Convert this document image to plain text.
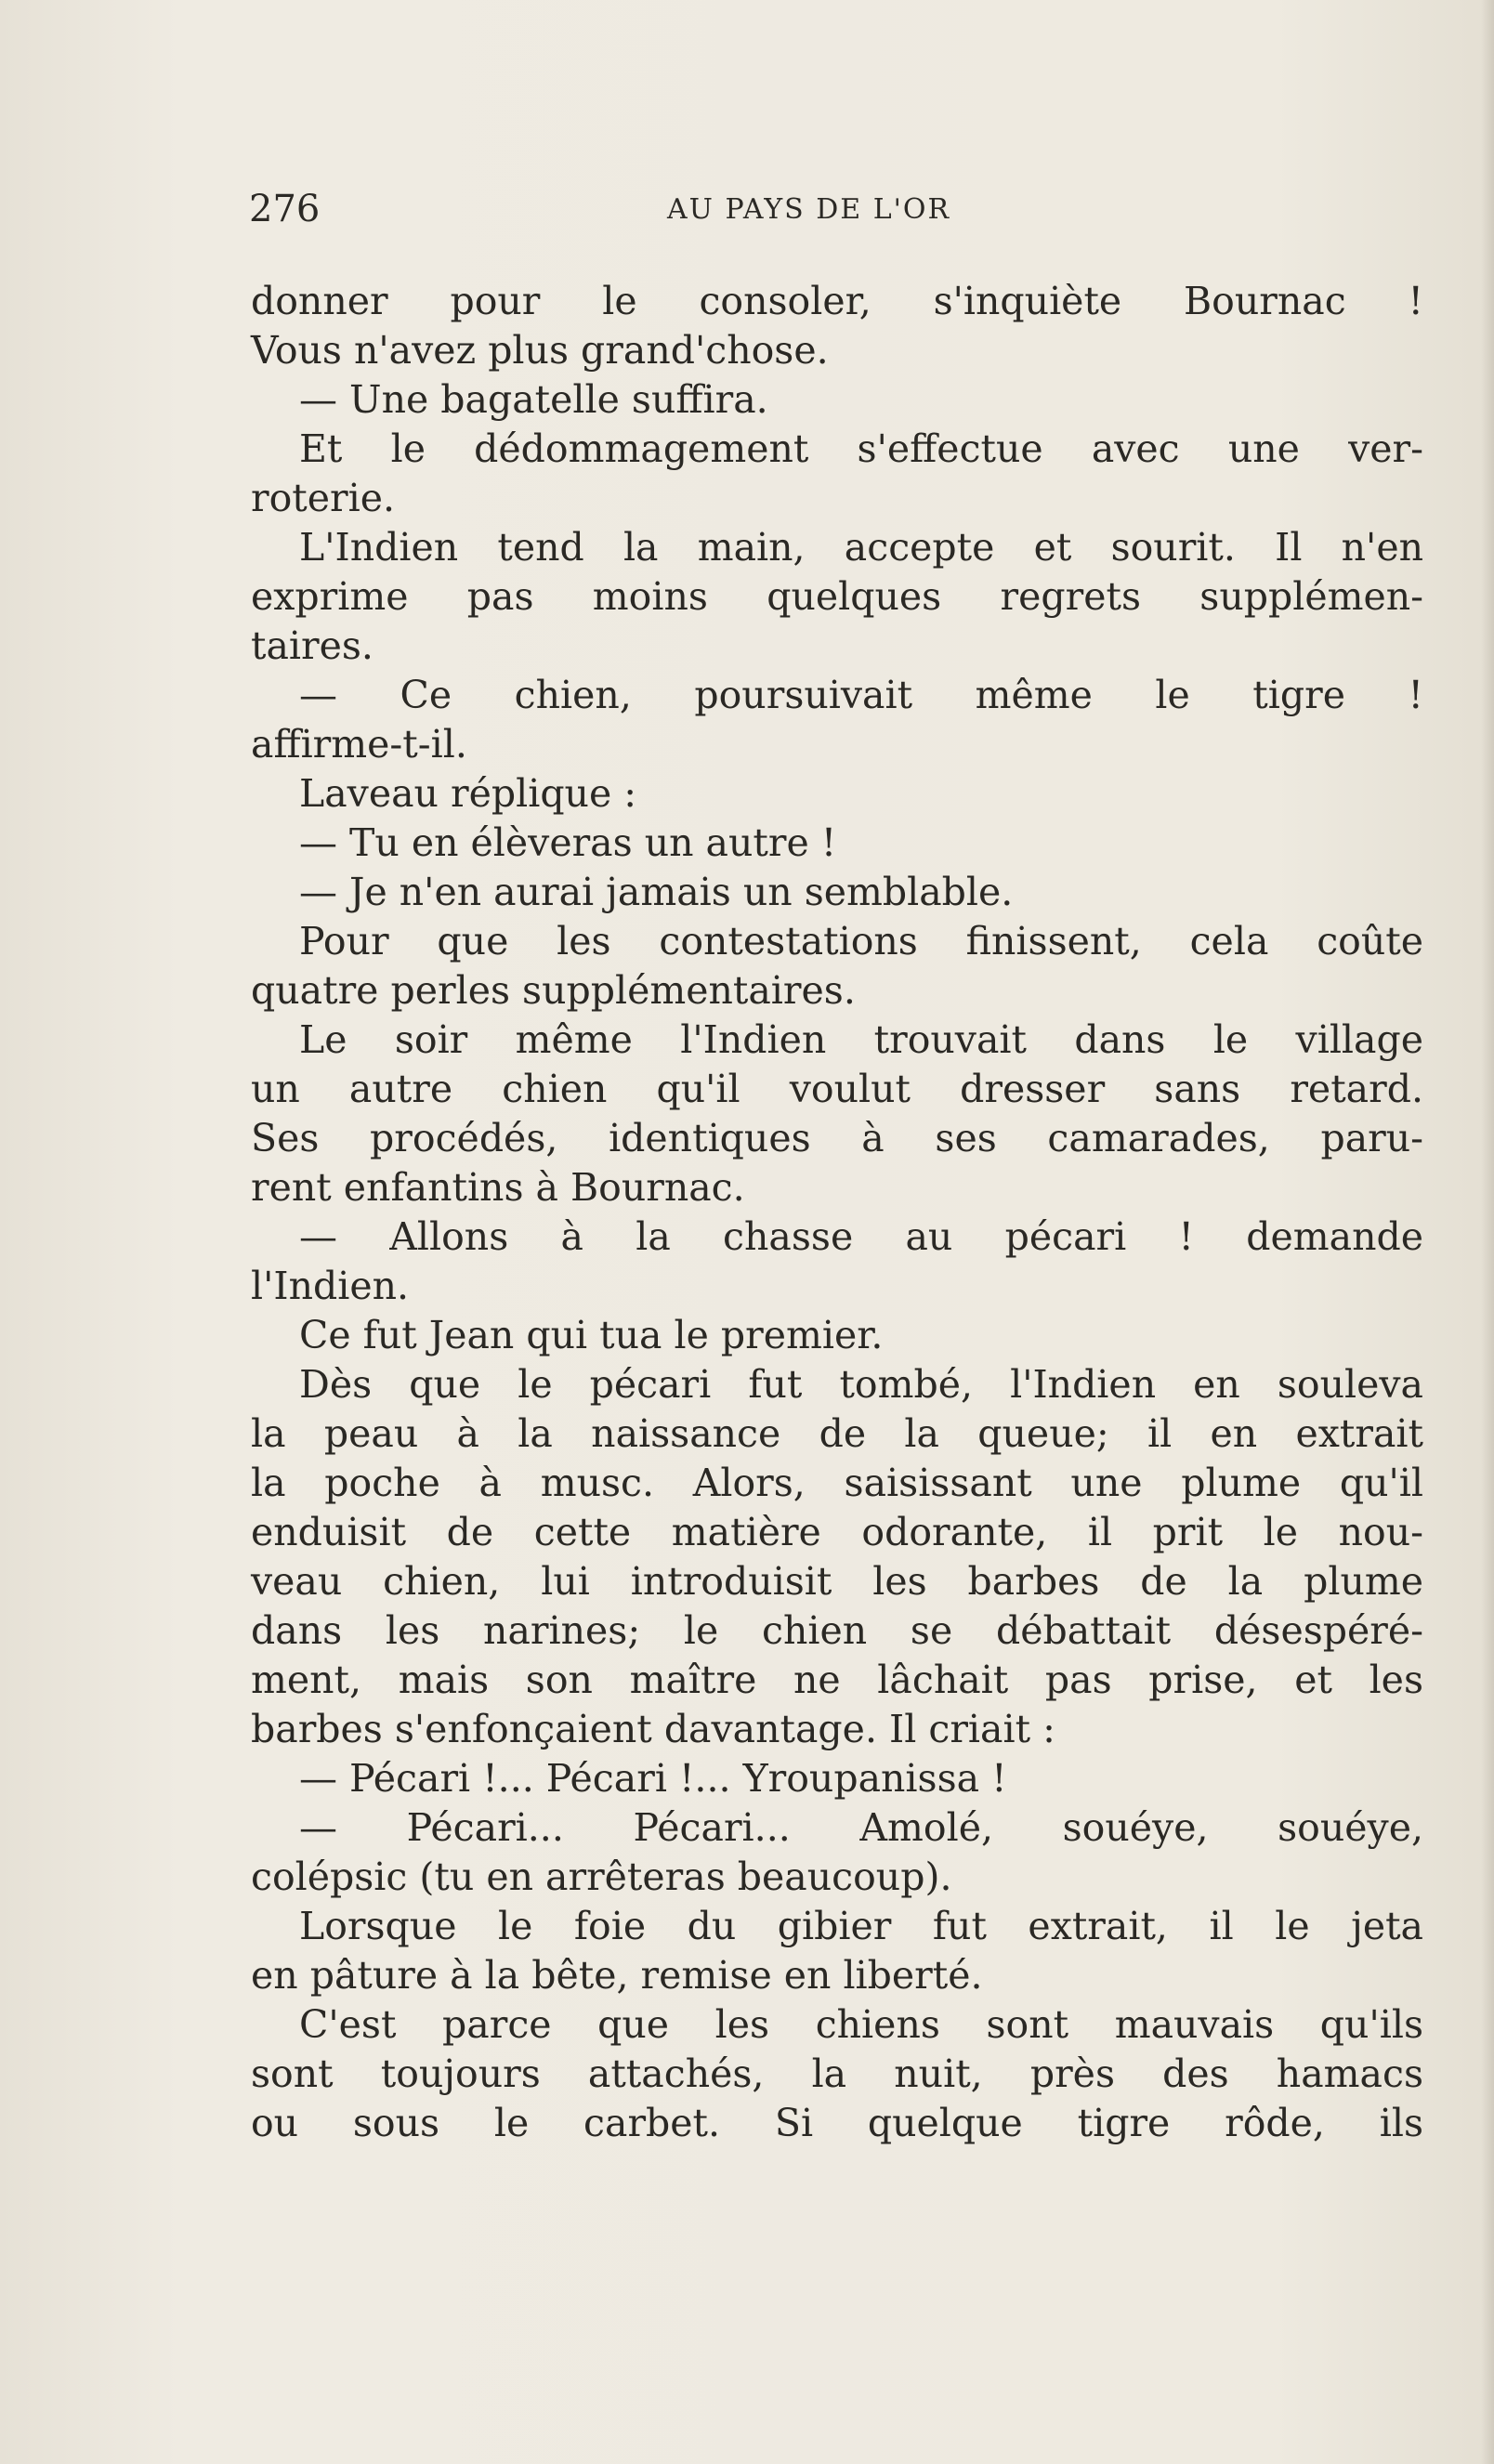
276	AU PAYS DE L'OR
donner pour le consoler, s'inquiète Bournac !
Vous n'avez plus grand'chose.
— Une bagatelle suffira.
Et le dédommagement s'effectue avec une ver-
roterie.
L'Indien tend la main, accepte et sourit. Il n'en
exprime pas moins quelques regrets supplémen-
taires.
— Ce chien, poursuivait même le tigre !
affirme-t-il.
Laveau réplique :
— Tu en élèveras un autre !
— Je n'en aurai jamais un semblable.
Pour que les contestations finissent, cela coûte
quatre perles supplémentaires.
Le soir même l'Indien trouvait dans le village
un autre chien qu'il voulut dresser sans retard.
Ses procédés, identiques à ses camarades, paru-
rent enfantins à Bournac.
— Allons à la chasse au pécari ! demande
l'Indien.
Ce fut Jean qui tua le premier.
Dès que le pécari fut tombé, l'Indien en souleva
la peau à la naissance de la queue; il en extrait
la poche à musc. Alors, saisissant une plume qu'il
enduisit de cette matière odorante, il prit le nou-
veau chien, lui introduisit les barbes de la plume
dans les narines; le chien se débattait désespéré-
ment, mais son maître ne lâchait pas prise, et les
barbes s'enfonçaient davantage. Il criait :
— Pécari !... Pécari !... Yroupanissa !
— Pécari... Pécari... Amolé, souéye, souéye,
colépsic (tu en arrêteras beaucoup).
Lorsque le foie du gibier fut extrait, il le jeta
en pâture à la bête, remise en liberté.
C'est parce que les chiens sont mauvais qu'ils
sont toujours attachés, la nuit, près des hamacs
ou sous le carbet. Si quelque tigre rôde, ils
